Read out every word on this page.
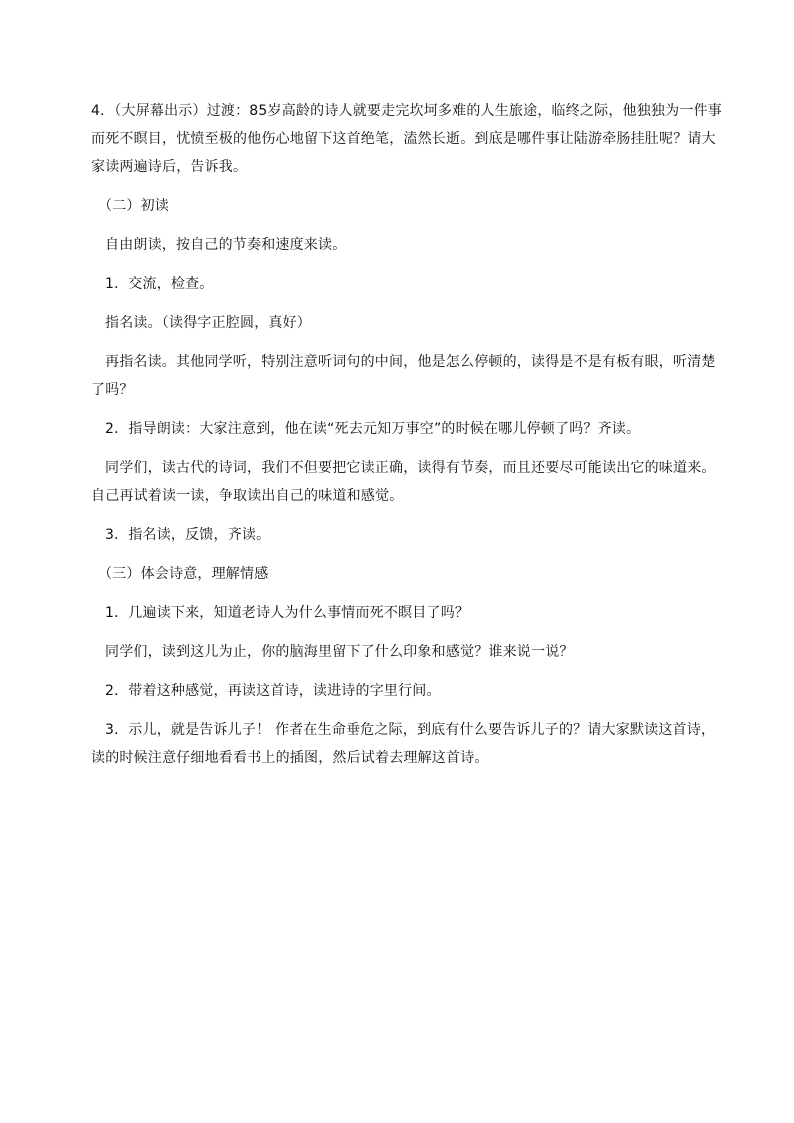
4．（大屏幕出示）过渡：85岁高龄的诗人就要走完坎坷多难的人生旅途，临终之际，他独独为一件事而死不瞑目，忧愤至极的他伤心地留下这首绝笔，溘然长逝。到底是哪件事让陆游牵肠挂肚呢？请大家读两遍诗后，告诉我。

（二）初读

自由朗读，按自己的节奏和速度来读。

1．交流，检查。

指名读。（读得字正腔圆，真好）

再指名读。其他同学听，特别注意听词句的中间，他是怎么停顿的，读得是不是有板有眼，听清楚了吗？

2．指导朗读：大家注意到，他在读“死去元知万事空”的时候在哪儿停顿了吗？齐读。

同学们，读古代的诗词，我们不但要把它读正确，读得有节奏，而且还要尽可能读出它的味道来。自己再试着读一读，争取读出自己的味道和感觉。

3．指名读，反馈，齐读。

（三）体会诗意，理解情感

1．几遍读下来，知道老诗人为什么事情而死不瞑目了吗？

同学们，读到这儿为止，你的脑海里留下了什么印象和感觉？谁来说一说？

2．带着这种感觉，再读这首诗，读进诗的字里行间。

3．示儿，就是告诉儿子！ 作者在生命垂危之际，到底有什么要告诉儿子的？请大家默读这首诗，读的时候注意仔细地看看书上的插图，然后试着去理解这首诗。
